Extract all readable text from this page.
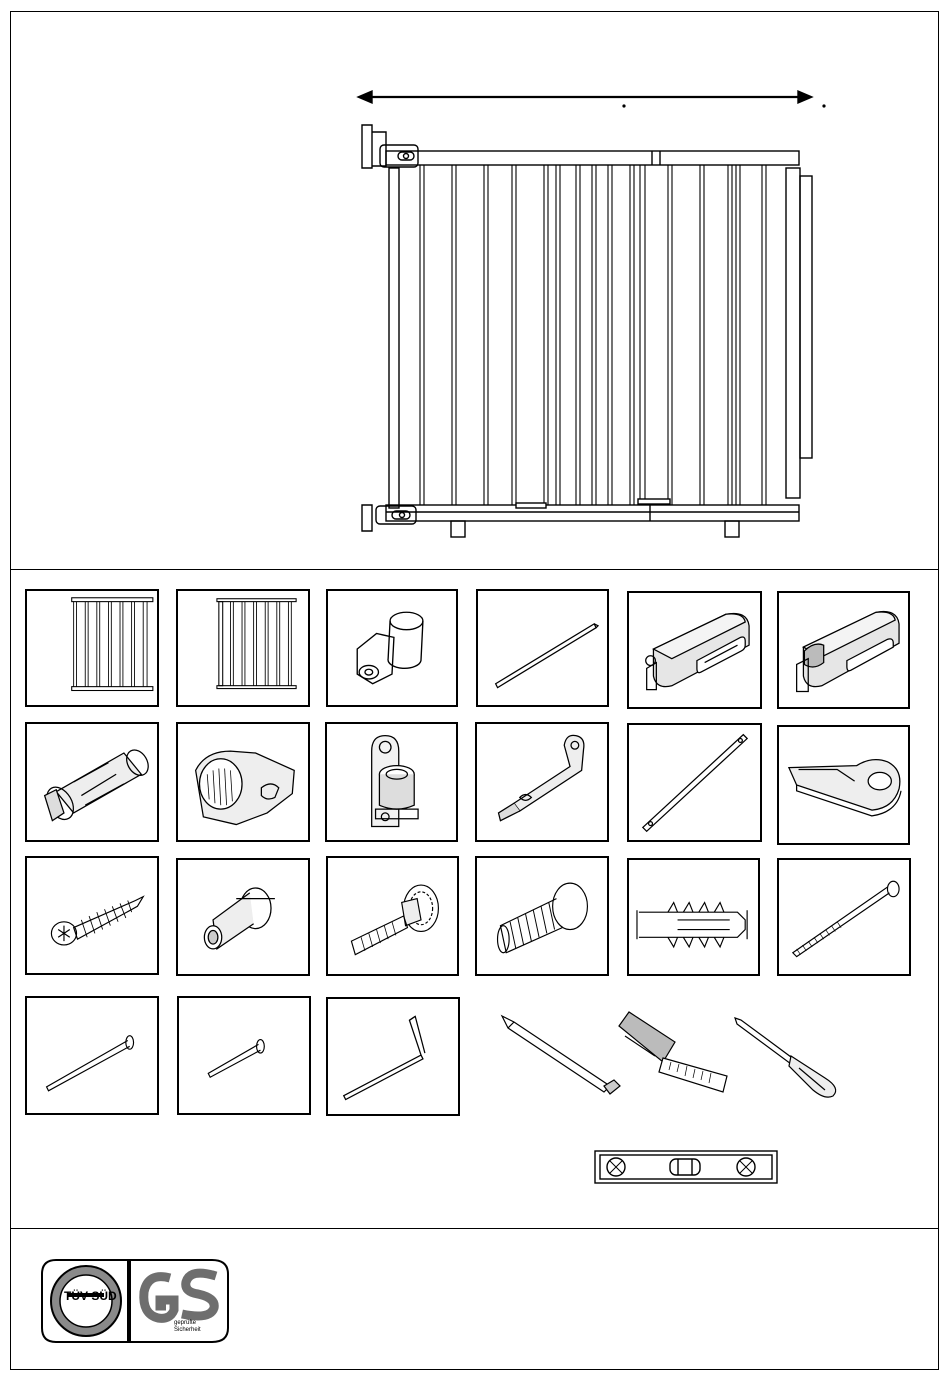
TÜV SÜD
geprüfte Sicherheit
